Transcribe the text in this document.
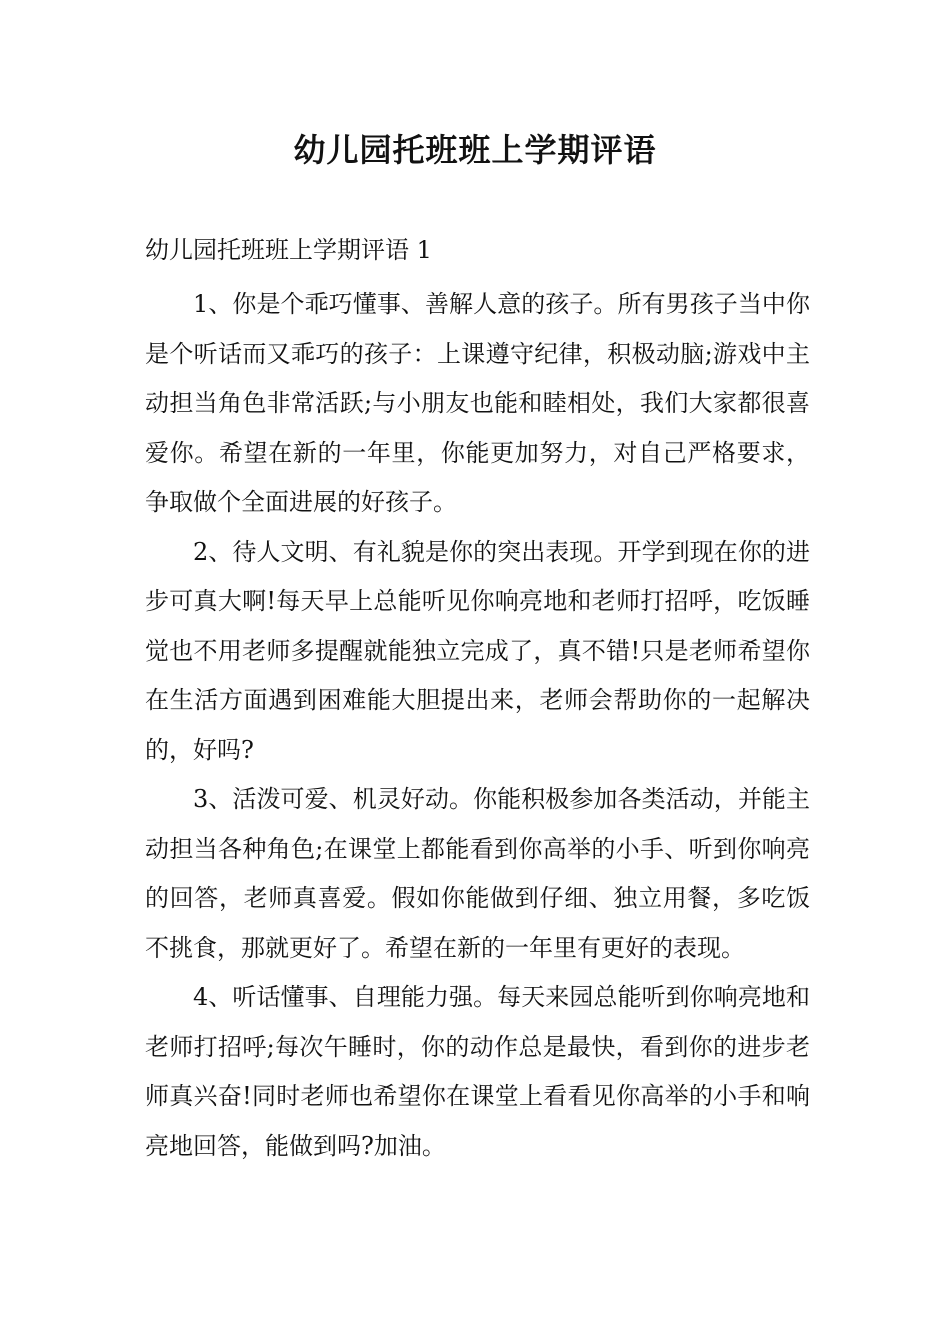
幼儿园托班班上学期评语
幼儿园托班班上学期评语 1

1、你是个乖巧懂事、善解人意的孩子。所有男孩子当中你是个听话而又乖巧的孩子：上课遵守纪律，积极动脑;游戏中主动担当角色非常活跃;与小朋友也能和睦相处，我们大家都很喜爱你。希望在新的一年里，你能更加努力，对自己严格要求，争取做个全面进展的好孩子。

2、待人文明、有礼貌是你的突出表现。开学到现在你的进步可真大啊!每天早上总能听见你响亮地和老师打招呼，吃饭睡觉也不用老师多提醒就能独立完成了，真不错!只是老师希望你在生活方面遇到困难能大胆提出来，老师会帮助你的一起解决的，好吗?

3、活泼可爱、机灵好动。你能积极参加各类活动，并能主动担当各种角色;在课堂上都能看到你高举的小手、听到你响亮的回答，老师真喜爱。假如你能做到仔细、独立用餐，多吃饭不挑食，那就更好了。希望在新的一年里有更好的表现。

4、听话懂事、自理能力强。每天来园总能听到你响亮地和老师打招呼;每次午睡时，你的动作总是最快，看到你的进步老师真兴奋!同时老师也希望你在课堂上看看见你高举的小手和响亮地回答，能做到吗?加油。
